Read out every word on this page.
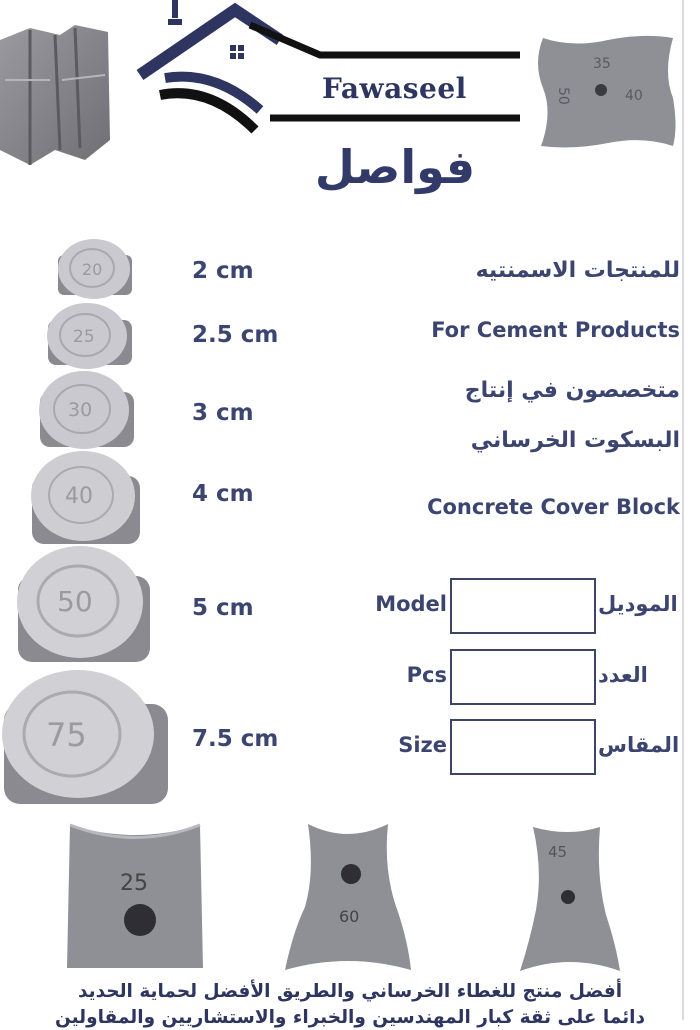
Fawaseel
فواصل
35
50	40
20	2 cm
25	2.5 cm
30	3 cm
40	4 cm
50	5 cm
75	7.5 cm
للمنتجات الاسمنتيه
For Cement Products
متخصصون في إنتاج
البسكوت الخرساني
Concrete Cover Block
Model	الموديل
Pcs	العدد
Size	المقاس
25
60
45
أفضل منتج للغطاء الخرساني والطريق الأفضل لحماية الحديد
دائما على ثقة كبار المهندسين والخبراء والاستشاريين والمقاولين
